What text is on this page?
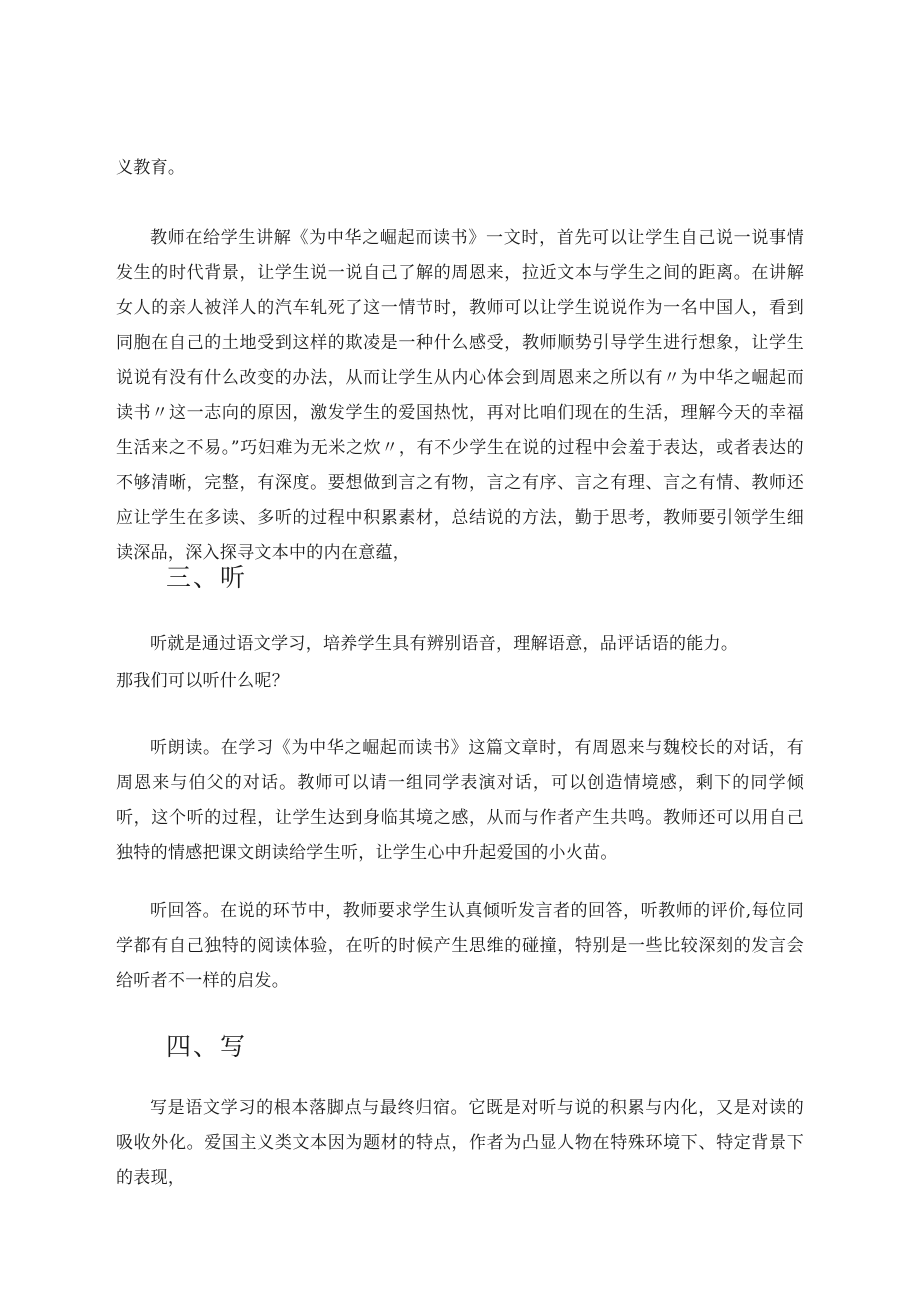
义教育。

教师在给学生讲解《为中华之崛起而读书》一文时，首先可以让学生自己说一说事情发生的时代背景，让学生说一说自己了解的周恩来，拉近文本与学生之间的距离。在讲解女人的亲人被洋人的汽车轧死了这一情节时，教师可以让学生说说作为一名中国人，看到同胞在自己的土地受到这样的欺凌是一种什么感受，教师顺势引导学生进行想象，让学生说说有没有什么改变的办法，从而让学生从内心体会到周恩来之所以有〃为中华之崛起而读书〃这一志向的原因，激发学生的爱国热忱，再对比咱们现在的生活，理解今天的幸福生活来之不易。”巧妇难为无米之炊〃，有不少学生在说的过程中会羞于表达，或者表达的不够清晰，完整，有深度。要想做到言之有物，言之有序、言之有理、言之有情、教师还应让学生在多读、多听的过程中积累素材，总结说的方法，勤于思考，教师要引领学生细读深品，深入探寻文本中的内在意蕴，

三、听

听就是通过语文学习，培养学生具有辨别语音，理解语意，品评话语的能力。

那我们可以听什么呢？

听朗读。在学习《为中华之崛起而读书》这篇文章时，有周恩来与魏校长的对话，有周恩来与伯父的对话。教师可以请一组同学表演对话，可以创造情境感，剩下的同学倾听，这个听的过程，让学生达到身临其境之感，从而与作者产生共鸣。教师还可以用自己独特的情感把课文朗读给学生听，让学生心中升起爱国的小火苗。

听回答。在说的环节中，教师要求学生认真倾听发言者的回答，听教师的评价,每位同学都有自己独特的阅读体验，在听的时候产生思维的碰撞，特别是一些比较深刻的发言会给听者不一样的启发。

四、写

写是语文学习的根本落脚点与最终归宿。它既是对听与说的积累与内化，又是对读的吸收外化。爱国主义类文本因为题材的特点，作者为凸显人物在特殊环境下、特定背景下的表现，
